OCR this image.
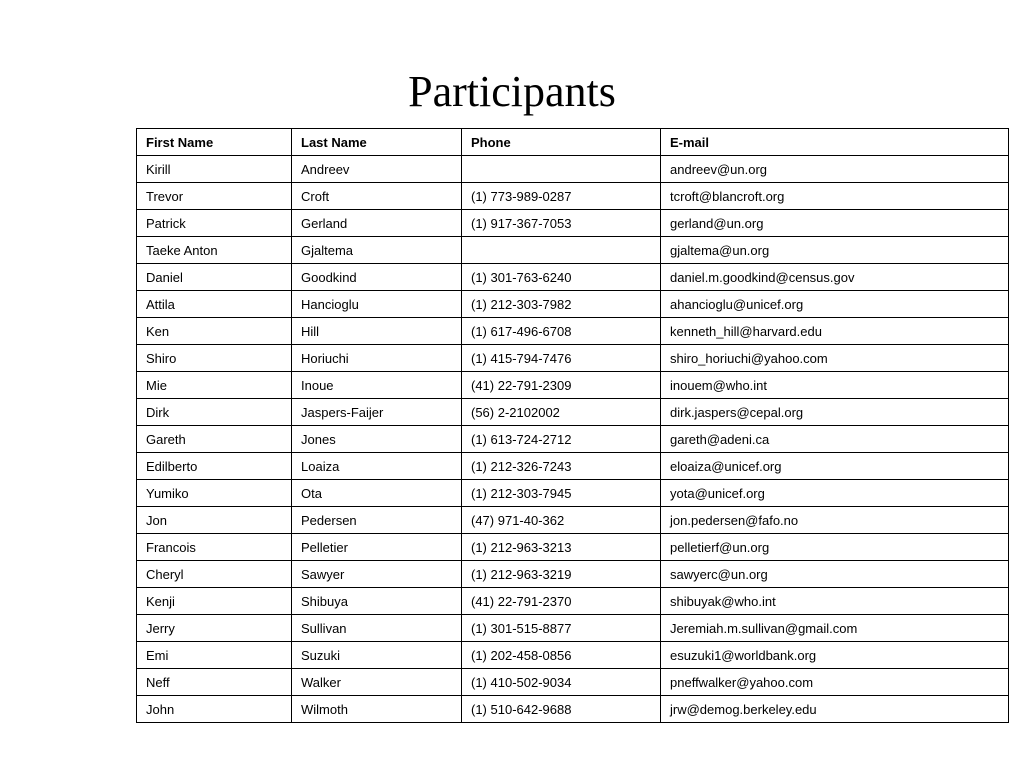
Participants
First Name	Last Name	Phone	E-mail
Kirill	Andreev		andreev@un.org
Trevor	Croft	(1) 773-989-0287	tcroft@blancroft.org
Patrick	Gerland	(1) 917-367-7053	gerland@un.org
Taeke Anton	Gjaltema		gjaltema@un.org
Daniel	Goodkind	(1) 301-763-6240	daniel.m.goodkind@census.gov
Attila	Hancioglu	(1) 212-303-7982	ahancioglu@unicef.org
Ken	Hill	(1) 617-496-6708	kenneth_hill@harvard.edu
Shiro	Horiuchi	(1) 415-794-7476	shiro_horiuchi@yahoo.com
Mie	Inoue	(41) 22-791-2309	inouem@who.int
Dirk	Jaspers-Faijer	(56) 2-2102002	dirk.jaspers@cepal.org
Gareth	Jones	(1) 613-724-2712	gareth@adeni.ca
Edilberto	Loaiza	(1) 212-326-7243	eloaiza@unicef.org
Yumiko	Ota	(1) 212-303-7945	yota@unicef.org
Jon	Pedersen	(47) 971-40-362	jon.pedersen@fafo.no
Francois	Pelletier	(1) 212-963-3213	pelletierf@un.org
Cheryl	Sawyer	(1) 212-963-3219	sawyerc@un.org
Kenji	Shibuya	(41) 22-791-2370	shibuyak@who.int
Jerry	Sullivan	(1) 301-515-8877	Jeremiah.m.sullivan@gmail.com
Emi	Suzuki	(1) 202-458-0856	esuzuki1@worldbank.org
Neff	Walker	(1) 410-502-9034	pneffwalker@yahoo.com
John	Wilmoth	(1) 510-642-9688	jrw@demog.berkeley.edu
